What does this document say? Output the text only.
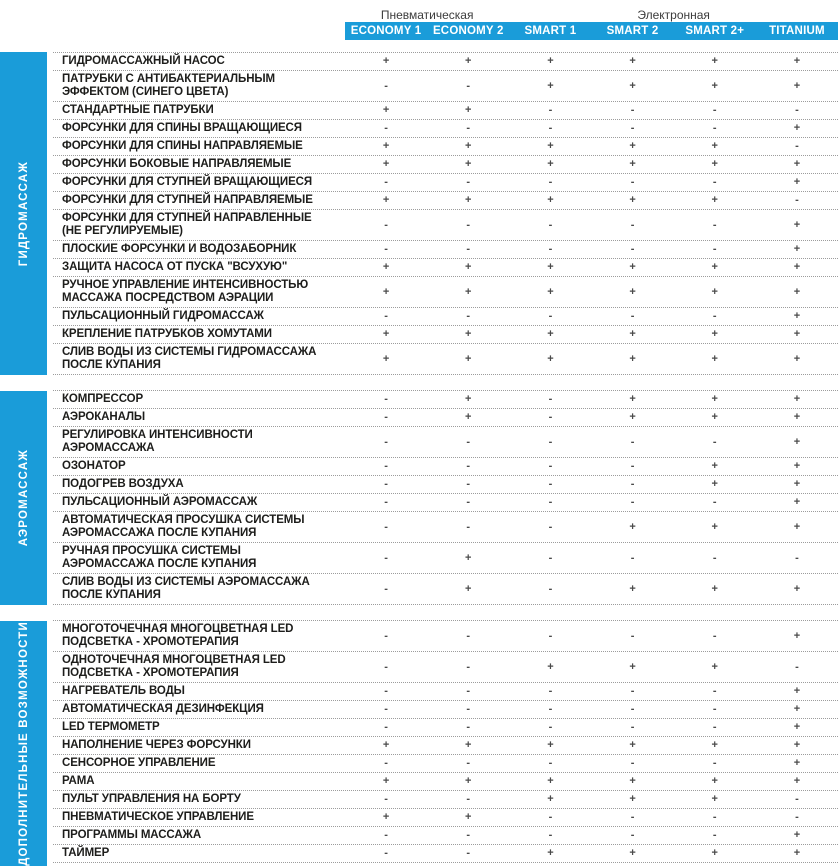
Пневматическая	Электронная
ECONOMY 1	ECONOMY 2	SMART 1	SMART 2	SMART 2+	TITANIUM
ГИДРОМАССАЖ
ГИДРОМАССАЖНЫЙ НАСОС	+	+	+	+	+	+
ПАТРУБКИ С АНТИБАКТЕРИАЛЬНЫМ ЭФФЕКТОМ (СИНЕГО ЦВЕТА)
-	-	+	+	+	+
СТАНДАРТНЫЕ ПАТРУБКИ	+	+	-	-	-	-
ФОРСУНКИ ДЛЯ СПИНЫ ВРАЩАЮЩИЕСЯ	-	-	-	-	-	+
ФОРСУНКИ ДЛЯ СПИНЫ НАПРАВЛЯЕМЫЕ	+	+	+	+	+	-
ФОРСУНКИ БОКОВЫЕ НАПРАВЛЯЕМЫЕ	+	+	+	+	+	+
ФОРСУНКИ ДЛЯ СТУПНЕЙ ВРАЩАЮЩИЕСЯ	-	-	-	-	-	+
ФОРСУНКИ ДЛЯ СТУПНЕЙ НАПРАВЛЯЕМЫЕ	+	+	+	+	+	-
ФОРСУНКИ ДЛЯ СТУПНЕЙ НАПРАВЛЕННЫЕ (НЕ РЕГУЛИРУЕМЫЕ)
-	-	-	-	-	+
ПЛОСКИЕ ФОРСУНКИ И ВОДОЗАБОРНИК	-	-	-	-	-	+
ЗАЩИТА НАСОСА ОТ ПУСКА "ВСУХУЮ"	+	+	+	+	+	+
РУЧНОЕ УПРАВЛЕНИЕ ИНТЕНСИВНОСТЬЮ МАССАЖА ПОСРЕДСТВОМ АЭРАЦИИ
+	+	+	+	+	+
ПУЛЬСАЦИОННЫЙ ГИДРОМАССАЖ	-	-	-	-	-	+
КРЕПЛЕНИЕ ПАТРУБКОВ ХОМУТАМИ	+	+	+	+	+	+
СЛИВ ВОДЫ ИЗ СИСТЕМЫ ГИДРОМАССАЖА ПОСЛЕ КУПАНИЯ
+	+	+	+	+	+
АЭРОМАССАЖ
КОМПРЕССОР	-	+	-	+	+	+
АЭРОКАНАЛЫ	-	+	-	+	+	+
РЕГУЛИРОВКА ИНТЕНСИВНОСТИ АЭРОМАССАЖА
-	-	-	-	-	+
ОЗОНАТОР	-	-	-	-	+	+
ПОДОГРЕВ ВОЗДУХА	-	-	-	-	+	+
ПУЛЬСАЦИОННЫЙ АЭРОМАССАЖ	-	-	-	-	-	+
АВТОМАТИЧЕСКАЯ ПРОСУШКА СИСТЕМЫ АЭРОМАССАЖА ПОСЛЕ КУПАНИЯ
-	-	-	+	+	+
РУЧНАЯ ПРОСУШКА СИСТЕМЫ АЭРОМАССАЖА ПОСЛЕ КУПАНИЯ
-	+	-	-	-	-
СЛИВ ВОДЫ ИЗ СИСТЕМЫ АЭРОМАССАЖА ПОСЛЕ КУПАНИЯ
-	+	-	+	+	+
ДОПОЛНИТЕЛЬНЫЕ ВОЗМОЖНОСТИ	МНОГОТОЧЕЧНАЯ МНОГОЦВЕТНАЯ LED ПОДСВЕТКА - ХРОМОТЕРАПИЯ
-	-	-	-	-	+
ОДНОТОЧЕЧНАЯ МНОГОЦВЕТНАЯ LED ПОДСВЕТКА - ХРОМОТЕРАПИЯ
-	-	+	+	+	-
НАГРЕВАТЕЛЬ ВОДЫ	-	-	-	-	-	+
АВТОМАТИЧЕСКАЯ ДЕЗИНФЕКЦИЯ	-	-	-	-	-	+
LED ТЕРМОМЕТР	-	-	-	-	-	+
НАПОЛНЕНИЕ ЧЕРЕЗ ФОРСУНКИ	+	+	+	+	+	+
СЕНСОРНОЕ УПРАВЛЕНИЕ	-	-	-	-	-	+
РАМА	+	+	+	+	+	+
ПУЛЬТ УПРАВЛЕНИЯ НА БОРТУ	-	-	+	+	+	-
ПНЕВМАТИЧЕСКОЕ УПРАВЛЕНИЕ	+	+	-	-	-	-
ПРОГРАММЫ МАССАЖА	-	-	-	-	-	+
ТАЙМЕР	-	-	+	+	+	+
